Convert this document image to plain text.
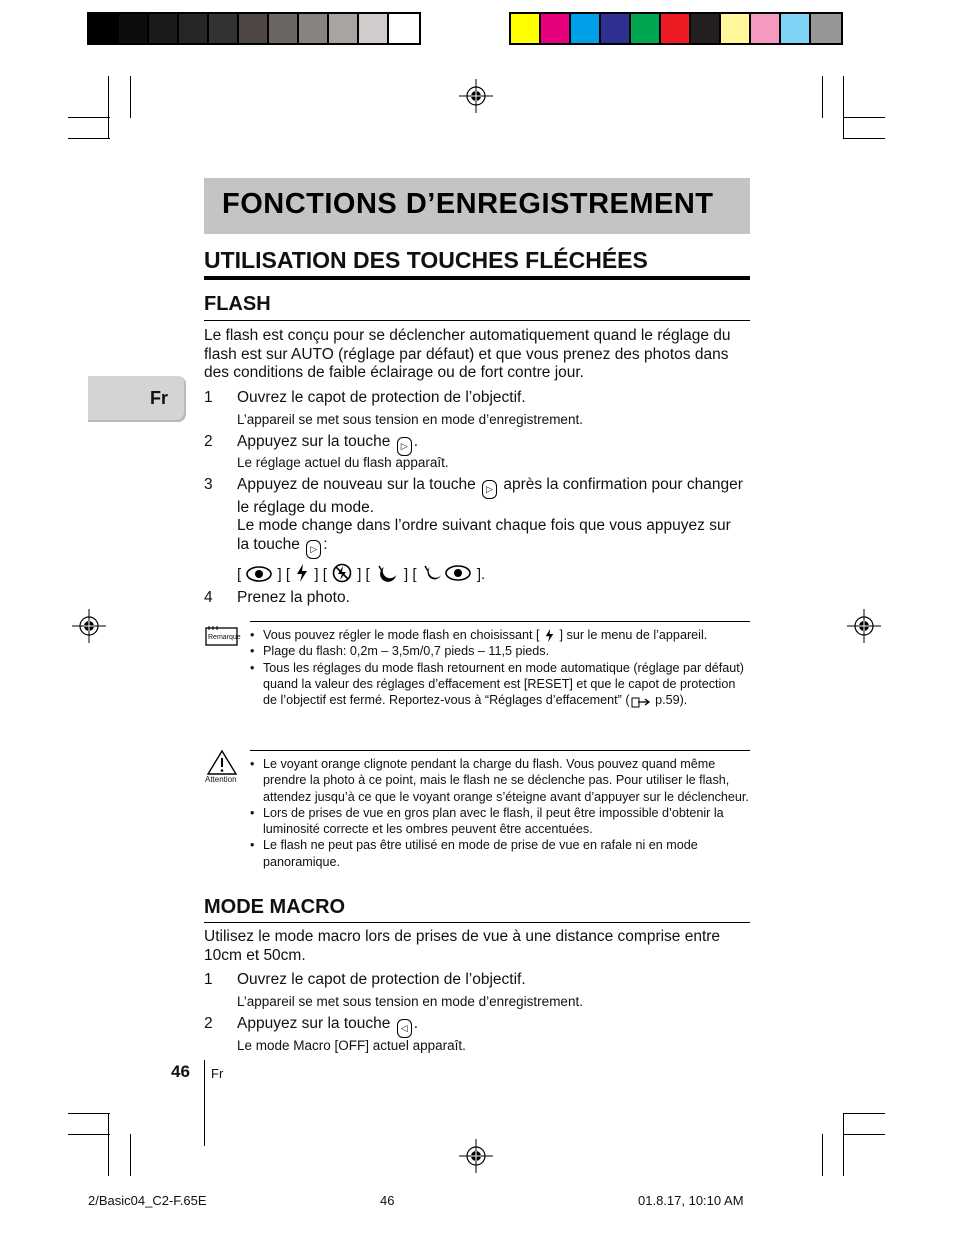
FONCTIONS D’ENREGISTREMENT
UTILISATION DES TOUCHES FLÉCHÉES
Fr
FLASH
Le flash est conçu pour se déclencher automatiquement quand le réglage du flash est sur AUTO (réglage par défaut) et que vous prenez des photos dans des conditions de faible éclairage ou de fort contre jour.
1 Ouvrez le capot de protection de l’objectif.
L’appareil se met sous tension en mode d’enregistrement.
2 Appuyez sur la touche ▷ .
Le réglage actuel du flash apparaît.
3 Appuyez de nouveau sur la touche ▷ après la confirmation pour changer le réglage du mode.
Le mode change dans l’ordre suivant chaque fois que vous appuyez sur la touche ▷ :
[  ] [  ] [  ] [  ] [	].
4 Prenez la photo.
Remarque
•	Vous pouvez régler le mode flash en choisissant [ ] sur le menu de l’appareil.
• Plage du flash: 0,2m – 3,5m/0,7 pieds – 11,5 pieds.
• Tous les réglages du mode flash retournent en mode automatique (réglage par défaut) quand la valeur des réglages d’effacement est [RESET] et que le capot de protection de l’objectif est fermé. Reportez-vous à “Réglages d’effacement” ( p.59).
Attention
• Le voyant orange clignote pendant la charge du flash. Vous pouvez quand même prendre la photo à ce point, mais le flash ne se déclenche pas. Pour utiliser le flash, attendez jusqu’à ce que le voyant orange s’éteigne avant d’appuyer sur le déclencheur.
• Lors de prises de vue en gros plan avec le flash, il peut être impossible d’obtenir la luminosité correcte et les ombres peuvent être accentuées.
• Le flash ne peut pas être utilisé en mode de prise de vue en rafale ni en mode panoramique.
MODE MACRO
Utilisez le mode macro lors de prises de vue à une distance comprise entre 10cm et 50cm.
1 Ouvrez le capot de protection de l’objectif.
L’appareil se met sous tension en mode d’enregistrement.
2 Appuyez sur la touche ◁ .
Le mode Macro [OFF] actuel apparaît.
46 Fr
2/Basic04_C2-F.65E	46	01.8.17, 10:10 AM
